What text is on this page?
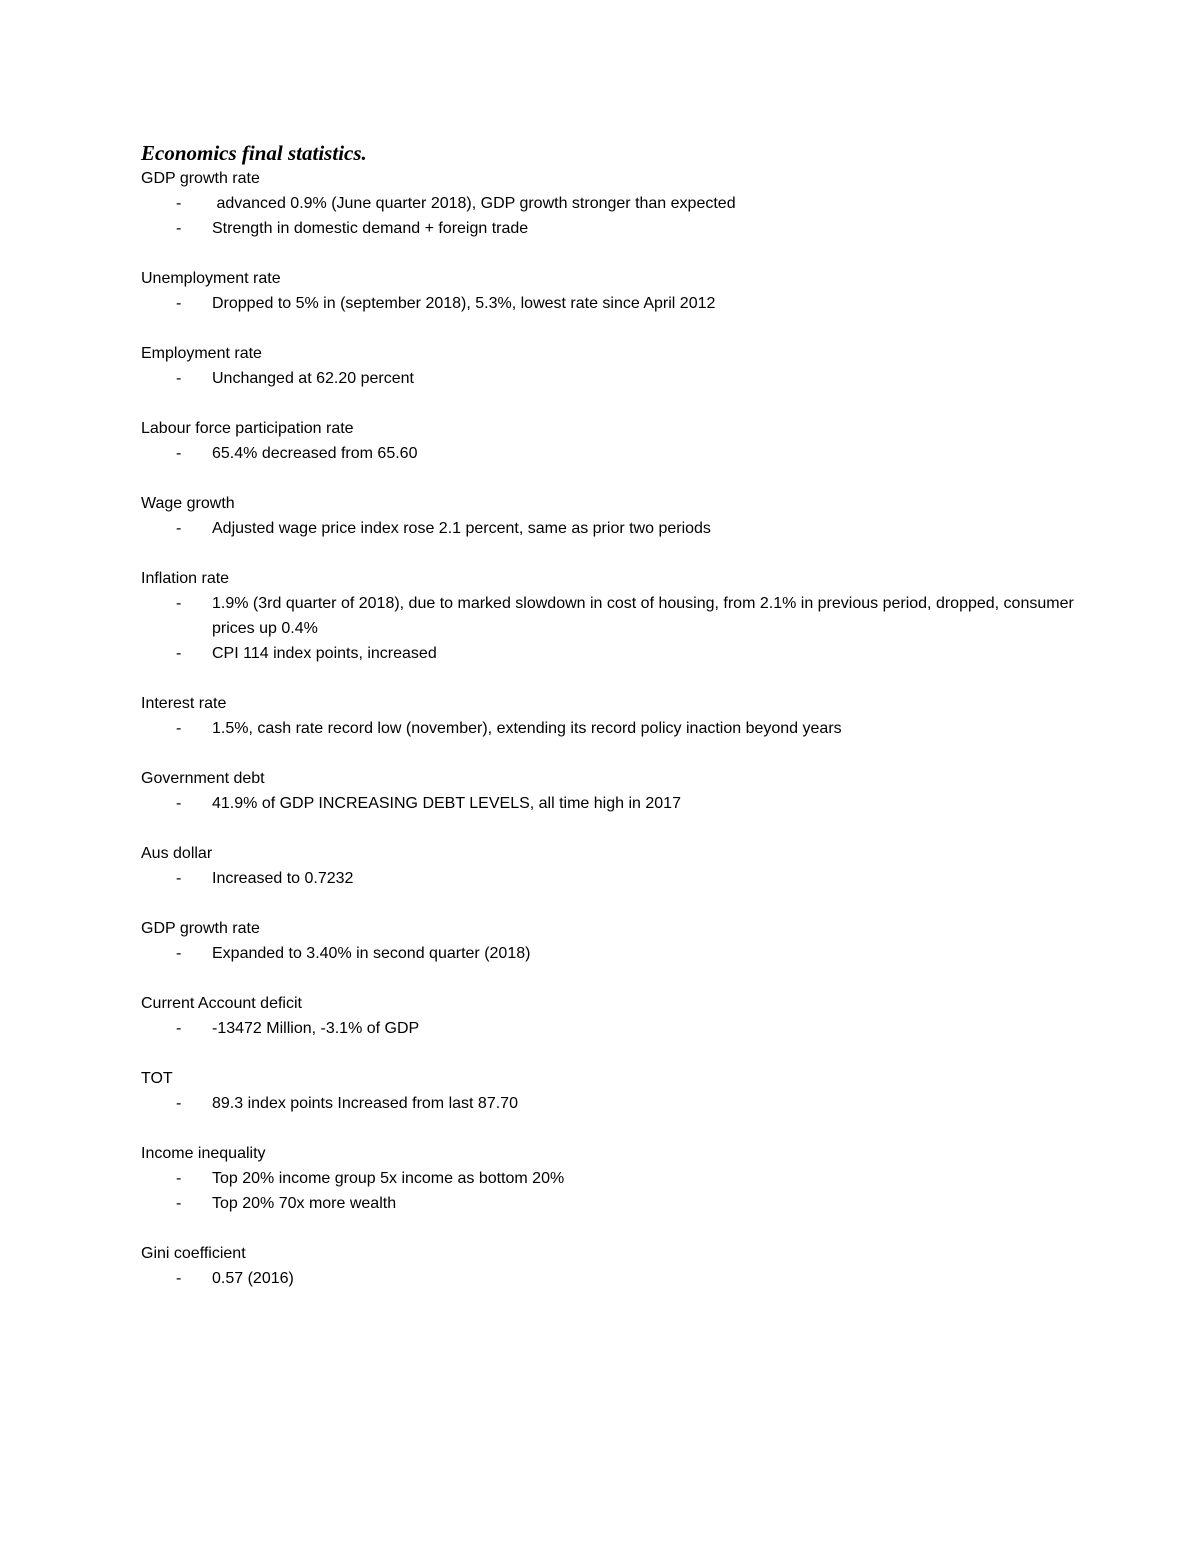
Economics final statistics.
GDP growth rate
-	advanced 0.9% (June quarter 2018), GDP growth stronger than expected
-	Strength in domestic demand + foreign trade
Unemployment rate
-	Dropped to 5% in (september 2018), 5.3%, lowest rate since April 2012
Employment rate
-	Unchanged at 62.20 percent
Labour force participation rate
-	65.4% decreased from 65.60
Wage growth
-	Adjusted wage price index rose 2.1 percent, same as prior two periods
Inflation rate
-	1.9% (3rd quarter of 2018), due to marked slowdown in cost of housing, from 2.1% in previous period, dropped, consumer prices up 0.4%
-	CPI 114 index points, increased
Interest rate
-	1.5%, cash rate record low (november), extending its record policy inaction beyond years
Government debt
-	41.9% of GDP INCREASING DEBT LEVELS, all time high in 2017
Aus dollar
-	Increased to 0.7232
GDP growth rate
-	Expanded to 3.40% in second quarter (2018)
Current Account deficit
-	-13472 Million, -3.1% of GDP
TOT
-	89.3 index points Increased from last 87.70
Income inequality
-	Top 20% income group 5x income as bottom 20%
-	Top 20% 70x more wealth
Gini coefficient
-	0.57 (2016)
